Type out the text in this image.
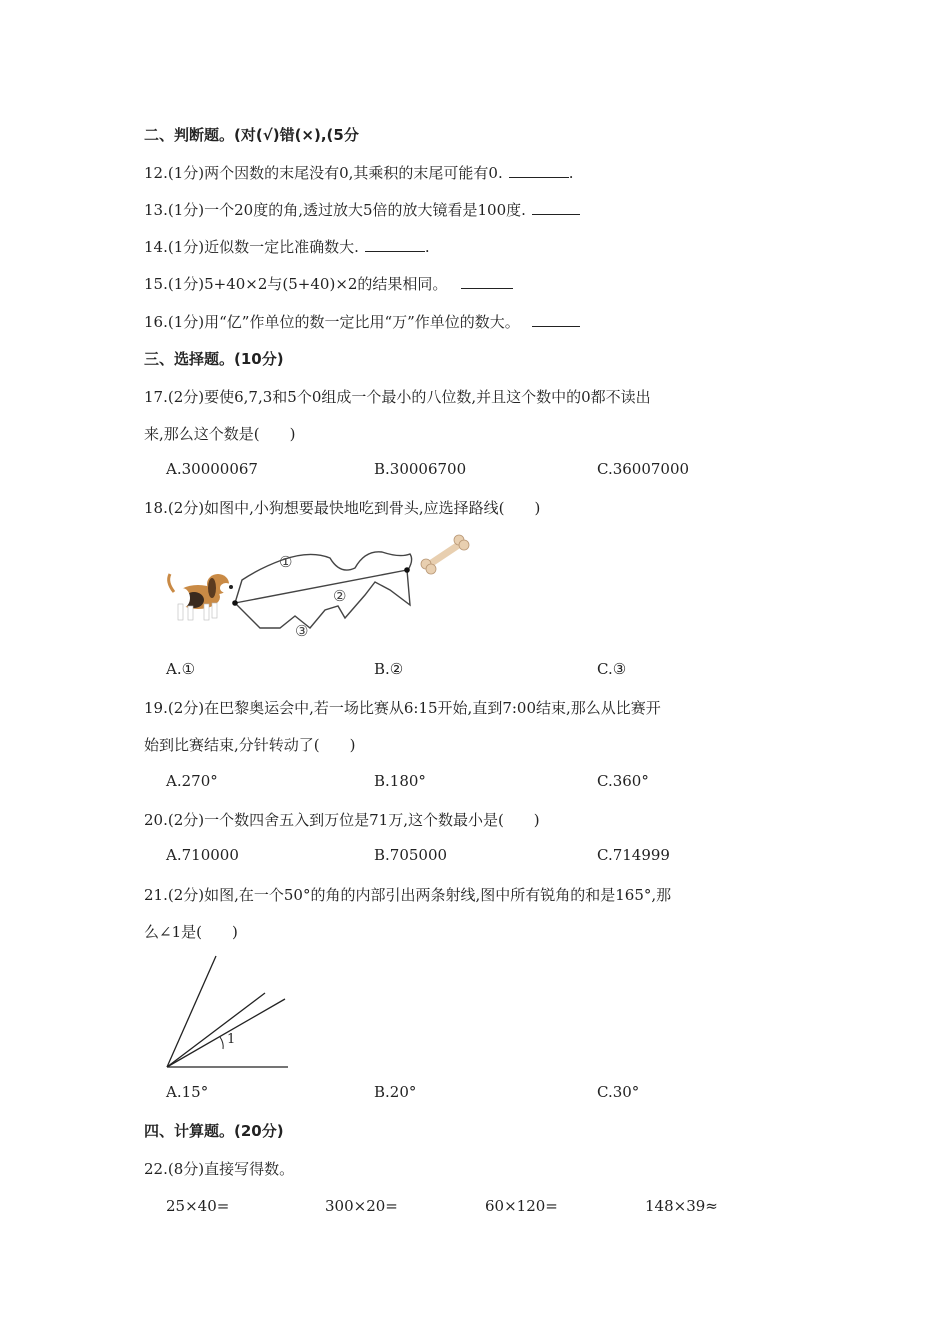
二、判断题。(对(√)错(×),(5分
12.(1分)两个因数的末尾没有0,其乘积的末尾可能有0.	.
13.(1分)一个20度的角,透过放大5倍的放大镜看是100度.
14.(1分)近似数一定比准确数大.	.
15.(1分)5+40×2与(5+40)×2的结果相同。
16.(1分)用“亿”作单位的数一定比用“万”作单位的数大。
三、选择题。(10分)
17.(2分)要使6,7,3和5个0组成一个最小的八位数,并且这个数中的0都不读出
来,那么这个数是(　　)
A.30000067	B.30006700	C.36007000
18.(2分)如图中,小狗想要最快地吃到骨头,应选择路线(　　)
①
②
③
A.①	B.②	C.③
19.(2分)在巴黎奥运会中,若一场比赛从6:15开始,直到7:00结束,那么从比赛开
始到比赛结束,分针转动了(　　)
A.270°	B.180°	C.360°
20.(2分)一个数四舍五入到万位是71万,这个数最小是(　　)
A.710000	B.705000	C.714999
21.(2分)如图,在一个50°的角的内部引出两条射线,图中所有锐角的和是165°,那
么∠1是(　　)
1
A.15°	B.20°	C.30°
四、计算题。(20分)
22.(8分)直接写得数。
25×40=	300×20=	60×120=	148×39≈
